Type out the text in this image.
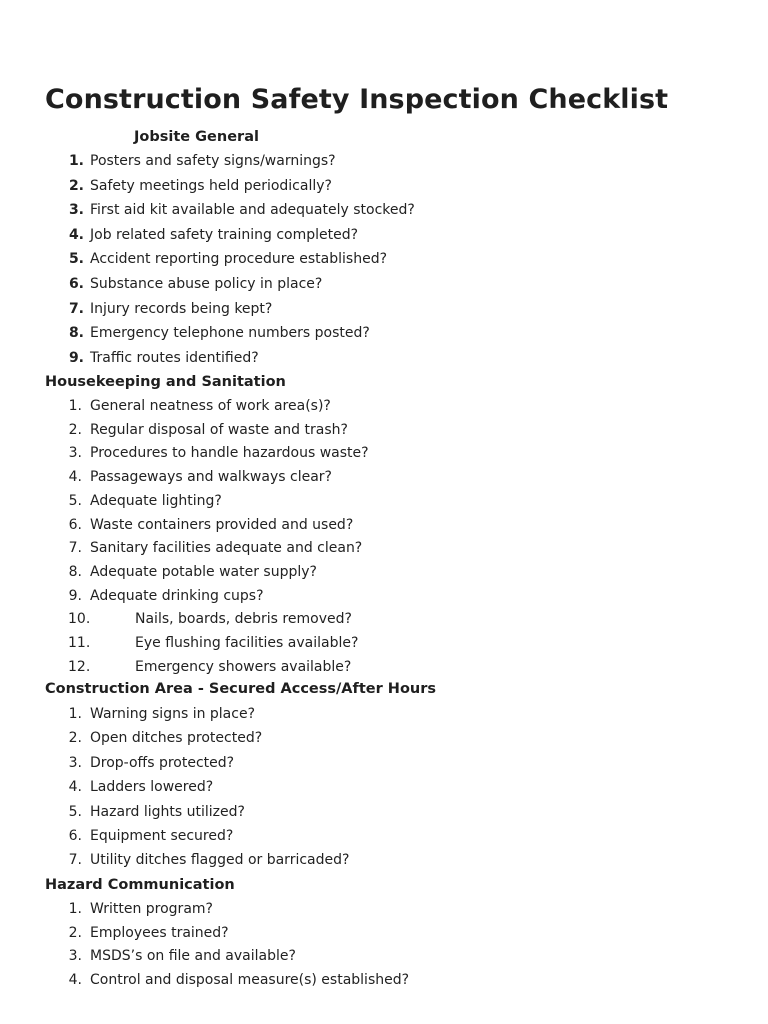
Construction Safety Inspection Checklist
Jobsite General
1. Posters and safety signs/warnings?
2. Safety meetings held periodically?
3. First aid kit available and adequately stocked?
4. Job related safety training completed?
5. Accident reporting procedure established?
6. Substance abuse policy in place?
7. Injury records being kept?
8. Emergency telephone numbers posted?
9. Traffic routes identified?
Housekeeping and Sanitation
1. General neatness of work area(s)?
2. Regular disposal of waste and trash?
3. Procedures to handle hazardous waste?
4. Passageways and walkways clear?
5. Adequate lighting?
6. Waste containers provided and used?
7. Sanitary facilities adequate and clean?
8. Adequate potable water supply?
9. Adequate drinking cups?
10.	Nails, boards, debris removed?
11.	Eye flushing facilities available?
12.	Emergency showers available?
Construction Area - Secured Access/After Hours
1. Warning signs in place?
2. Open ditches protected?
3. Drop-offs protected?
4. Ladders lowered?
5. Hazard lights utilized?
6. Equipment secured?
7. Utility ditches flagged or barricaded?
Hazard Communication
1. Written program?
2. Employees trained?
3. MSDS’s on file and available?
4. Control and disposal measure(s) established?
